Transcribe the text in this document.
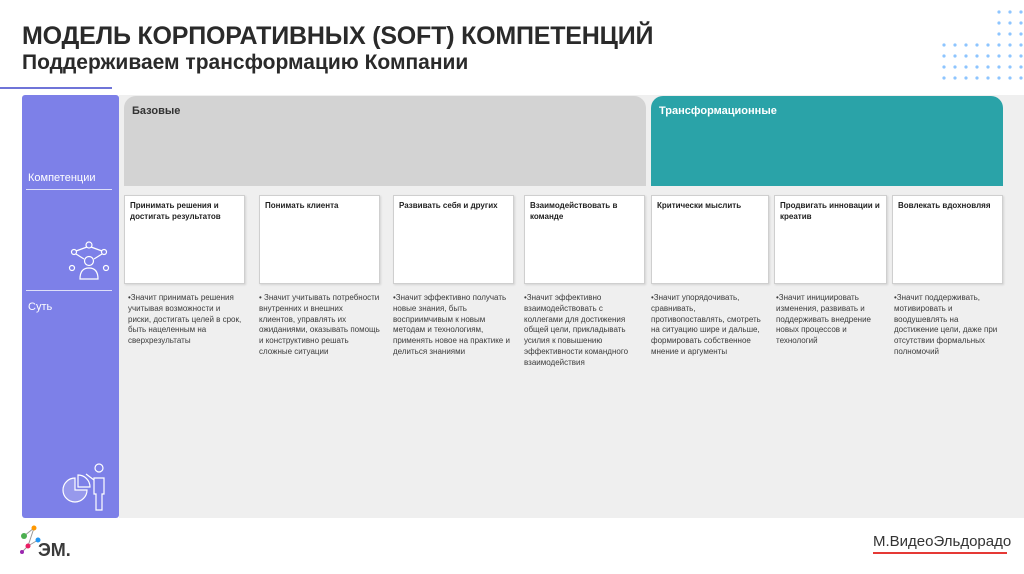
МОДЕЛЬ КОРПОРАТИВНЫХ (SOFT) КОМПЕТЕНЦИЙ
Поддерживаем трансформацию Компании
Компетенции
Суть
Базовые	Трансформационные
Принимать решения и достигать результатов
Понимать клиента	Развивать себя и других	Взаимодействовать в команде
Критически мыслить	Продвигать инновации и креатив
Вовлекать вдохновляя
•Значит принимать решения учитывая возможности и риски, достигать целей в срок, быть нацеленным на сверхрезультаты
• Значит учитывать потребности внутренних и внешних клиентов, управлять их ожиданиями, оказывать помощь и конструктивно решать сложные ситуации
•Значит эффективно получать новые знания, быть восприимчивым к новым методам и технологиям, применять новое на практике и делиться знаниями
•Значит эффективно взаимодействовать с коллегами для достижения общей цели, прикладывать усилия к повышению эффективности командного взаимодействия
•Значит упорядочивать, сравнивать, противопоставлять, смотреть на ситуацию шире и дальше, формировать собственное мнение и аргументы
•Значит инициировать изменения, развивать и поддерживать внедрение новых процессов и технологий
•Значит поддерживать, мотивировать и воодушевлять на достижение цели, даже при отсутствии формальных полномочий
ЭМ.	М.ВидеоЭльдорадо
